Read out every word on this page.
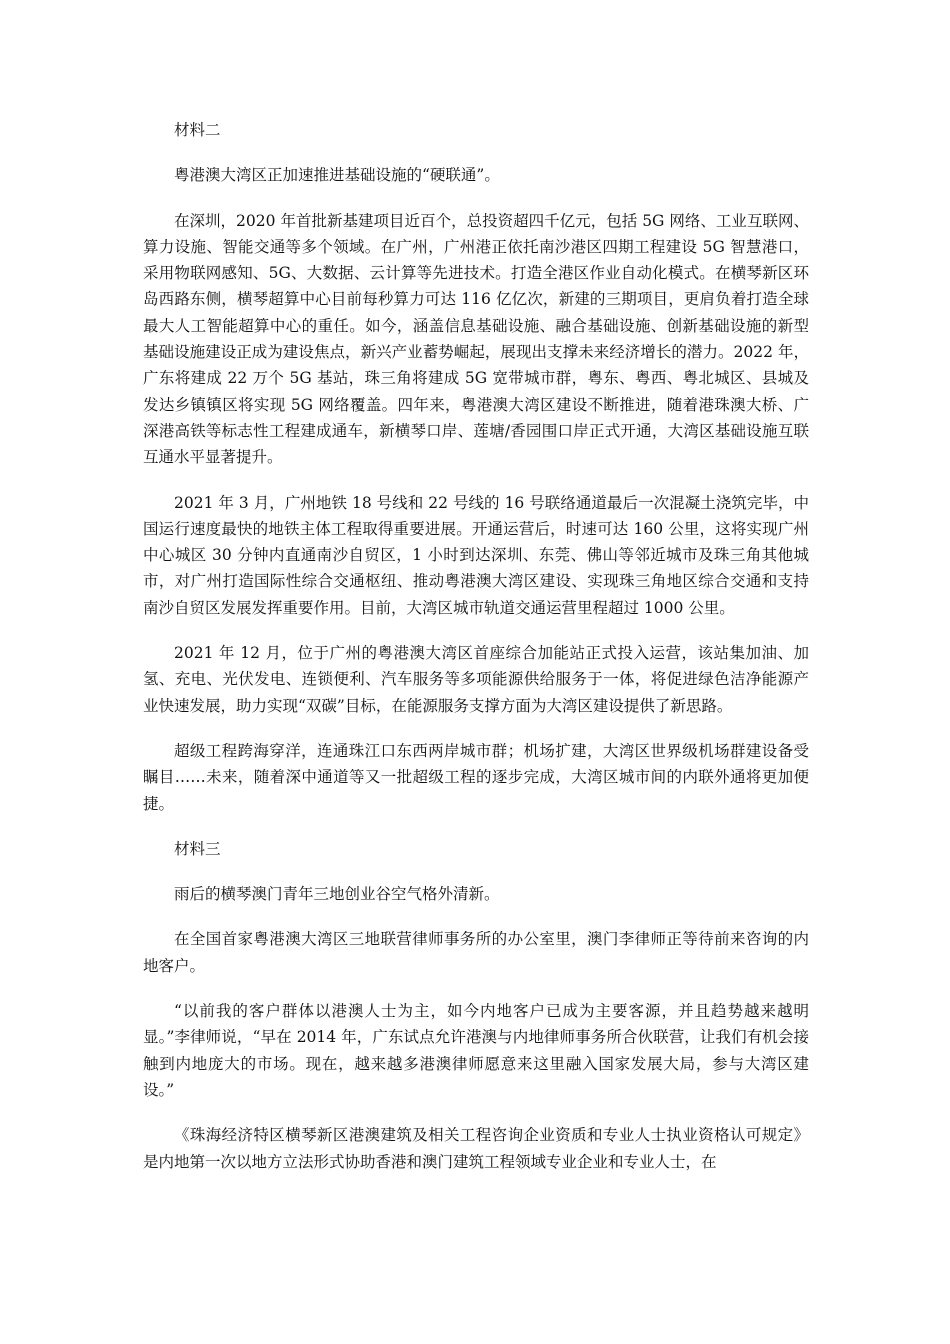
材料二

粤港澳大湾区正加速推进基础设施的“硬联通”。

在深圳，2020 年首批新基建项目近百个，总投资超四千亿元，包括 5G 网络、工业互联网、算力设施、智能交通等多个领域。在广州，广州港正依托南沙港区四期工程建设 5G 智慧港口，采用物联网感知、5G、大数据、云计算等先进技术。打造全港区作业自动化模式。在横琴新区环岛西路东侧，横琴超算中心目前每秒算力可达 116 亿亿次，新建的三期项目，更肩负着打造全球最大人工智能超算中心的重任。如今，涵盖信息基础设施、融合基础设施、创新基础设施的新型基础设施建设正成为建设焦点，新兴产业蓄势崛起，展现出支撑未来经济增长的潜力。2022 年，广东将建成 22 万个 5G 基站，珠三角将建成 5G 宽带城市群，粤东、粤西、粤北城区、县城及发达乡镇镇区将实现 5G 网络覆盖。四年来，粤港澳大湾区建设不断推进，随着港珠澳大桥、广深港高铁等标志性工程建成通车，新横琴口岸、莲塘/香园围口岸正式开通，大湾区基础设施互联互通水平显著提升。

2021 年 3 月，广州地铁 18 号线和 22 号线的 16 号联络通道最后一次混凝土浇筑完毕，中国运行速度最快的地铁主体工程取得重要进展。开通运营后，时速可达 160 公里，这将实现广州中心城区 30 分钟内直通南沙自贸区，1 小时到达深圳、东莞、佛山等邻近城市及珠三角其他城市，对广州打造国际性综合交通枢纽、推动粤港澳大湾区建设、实现珠三角地区综合交通和支持南沙自贸区发展发挥重要作用。目前，大湾区城市轨道交通运营里程超过 1000 公里。

2021 年 12 月，位于广州的粤港澳大湾区首座综合加能站正式投入运营，该站集加油、加氢、充电、光伏发电、连锁便利、汽车服务等多项能源供给服务于一体，将促进绿色洁净能源产业快速发展，助力实现“双碳”目标，在能源服务支撑方面为大湾区建设提供了新思路。

超级工程跨海穿洋，连通珠江口东西两岸城市群；机场扩建，大湾区世界级机场群建设备受瞩目……未来，随着深中通道等又一批超级工程的逐步完成，大湾区城市间的内联外通将更加便捷。

材料三

雨后的横琴澳门青年三地创业谷空气格外清新。

在全国首家粤港澳大湾区三地联营律师事务所的办公室里，澳门李律师正等待前来咨询的内地客户。

“以前我的客户群体以港澳人士为主，如今内地客户已成为主要客源，并且趋势越来越明显。”李律师说，“早在 2014 年，广东试点允许港澳与内地律师事务所合伙联营，让我们有机会接触到内地庞大的市场。现在，越来越多港澳律师愿意来这里融入国家发展大局，参与大湾区建设。”

《珠海经济特区横琴新区港澳建筑及相关工程咨询企业资质和专业人士执业资格认可规定》是内地第一次以地方立法形式协助香港和澳门建筑工程领域专业企业和专业人士，在
